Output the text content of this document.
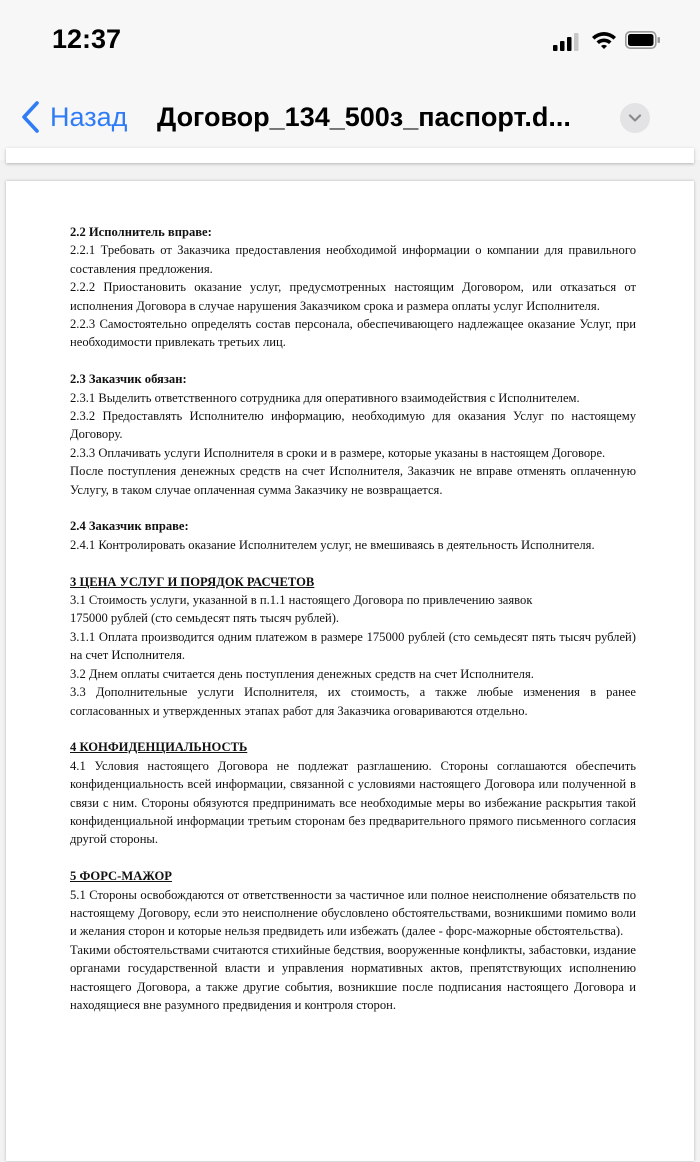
12:37
Назад Договор_134_500з_паспорт.d...

2.2 Исполнитель вправе:

2.2.1 Требовать от Заказчика предоставления необходимой информации о компании для правильного составления предложения.

2.2.2 Приостановить оказание услуг, предусмотренных настоящим Договором, или отказаться от исполнения Договора в случае нарушения Заказчиком срока и размера оплаты услуг Исполнителя.

2.2.3 Самостоятельно определять состав персонала, обеспечивающего надлежащее оказание Услуг, при необходимости привлекать третьих лиц.

2.3 Заказчик обязан:

2.3.1 Выделить ответственного сотрудника для оперативного взаимодействия с Исполнителем.

2.3.2 Предоставлять Исполнителю информацию, необходимую для оказания Услуг по настоящему Договору.

2.3.3 Оплачивать услуги Исполнителя в сроки и в размере, которые указаны в настоящем Договоре.

После поступления денежных средств на счет Исполнителя, Заказчик не вправе отменять оплаченную Услугу, в таком случае оплаченная сумма Заказчику не возвращается.

2.4 Заказчик вправе:

2.4.1 Контролировать оказание Исполнителем услуг, не вмешиваясь в деятельность Исполнителя.

3 ЦЕНА УСЛУГ И ПОРЯДОК РАСЧЕТОВ

3.1 Стоимость услуги, указанной в п.1.1 настоящего Договора по привлечению заявок

175000 рублей (сто семьдесят пять тысяч рублей).

3.1.1 Оплата производится одним платежом в размере 175000 рублей (сто семьдесят пять тысяч рублей) на счет Исполнителя.

3.2 Днем оплаты считается день поступления денежных средств на счет Исполнителя.

3.3 Дополнительные услуги Исполнителя, их стоимость, а также любые изменения в ранее согласованных и утвержденных этапах работ для Заказчика оговариваются отдельно.

4 КОНФИДЕНЦИАЛЬНОСТЬ

4.1 Условия настоящего Договора не подлежат разглашению. Стороны соглашаются обеспечить конфиденциальность всей информации, связанной с условиями настоящего Договора или полученной в связи с ним. Стороны обязуются предпринимать все необходимые меры во избежание раскрытия такой конфиденциальной информации третьим сторонам без предварительного прямого письменного согласия другой стороны.

5 ФОРС-МАЖОР

5.1 Стороны освобождаются от ответственности за частичное или полное неисполнение обязательств по настоящему Договору, если это неисполнение обусловлено обстоятельствами, возникшими помимо воли и желания сторон и которые нельзя предвидеть или избежать (далее - форс-мажорные обстоятельства).

Такими обстоятельствами считаются стихийные бедствия, вооруженные конфликты, забастовки, издание органами государственной власти и управления нормативных актов, препятствующих исполнению настоящего Договора, а также другие события, возникшие после подписания настоящего Договора и находящиеся вне разумного предвидения и контроля сторон.
